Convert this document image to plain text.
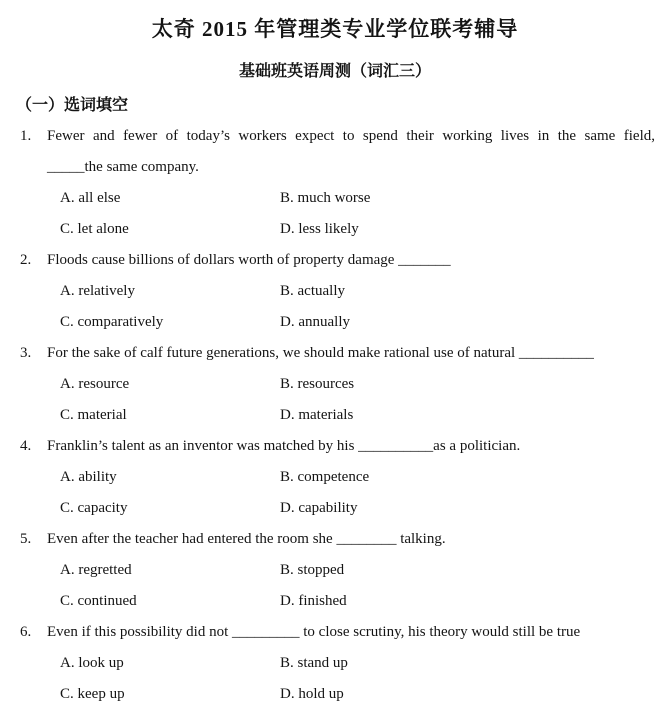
太奇 2015 年管理类专业学位联考辅导
基础班英语周测（词汇三）
（一）选词填空
1.	Fewer and fewer of today’s workers expect to spend their working lives in the same field,
_____the same company.
A. all else	B. much worse
C. let alone	D. less likely
2.	Floods cause billions of dollars worth of property damage _______
A. relatively	B. actually
C. comparatively	D. annually
3.	For the sake of calf future generations, we should make rational use of natural __________
A. resource	B. resources
C. material	D. materials
4.	Franklin’s talent as an inventor was matched by his __________as a politician.
A. ability	B. competence
C. capacity	D. capability
5.	Even after the teacher had entered the room she ________ talking.
A. regretted	B. stopped
C. continued	D. finished
6.	Even if this possibility did not _________ to close scrutiny, his theory would still be true
A. look up	B. stand up
C. keep up	D. hold up
